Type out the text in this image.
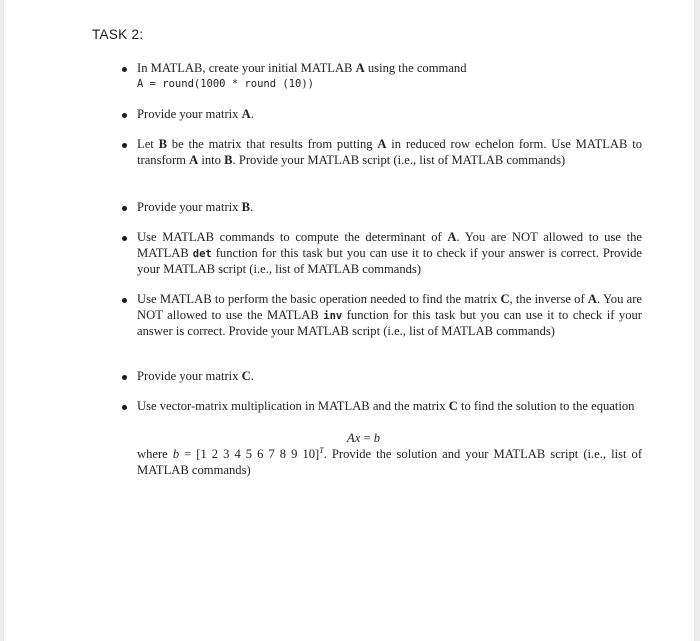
TASK 2:
In MATLAB, create your initial MATLAB A using the command
A = round(1000 * round (10))
Provide your matrix A.
Let B be the matrix that results from putting A in reduced row echelon form. Use MATLAB to transform A into B. Provide your MATLAB script (i.e., list of MATLAB commands)
Provide your matrix B.
Use MATLAB commands to compute the determinant of A. You are NOT allowed to use the MATLAB det function for this task but you can use it to check if your answer is correct. Provide your MATLAB script (i.e., list of MATLAB commands)
Use MATLAB to perform the basic operation needed to find the matrix C, the inverse of A. You are NOT allowed to use the MATLAB inv function for this task but you can use it to check if your answer is correct. Provide your MATLAB script (i.e., list of MATLAB commands)
Provide your matrix C.
Use vector-matrix multiplication in MATLAB and the matrix C to find the solution to the equation
Ax = b
where b = [1 2 3 4 5 6 7 8 9 10]$^T$. Provide the solution and your MATLAB script (i.e., list of MATLAB commands)
